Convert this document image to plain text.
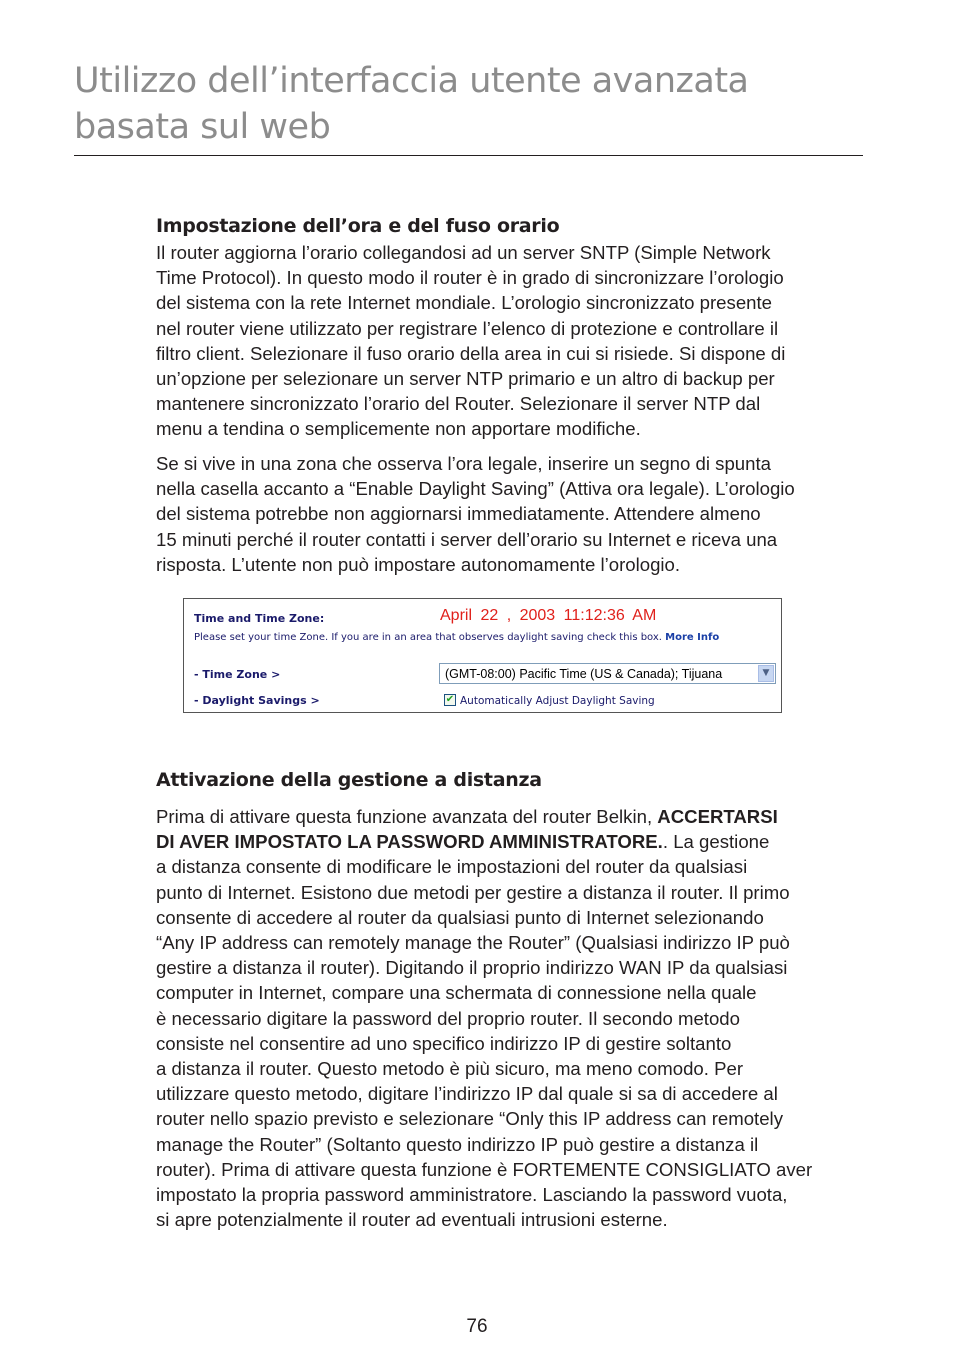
Utilizzo dell’interfaccia utente avanzata basata sul web
Impostazione dell’ora e del fuso orario

Il router aggiorna l’orario collegandosi ad un server SNTP (Simple Network
Time Protocol). In questo modo il router è in grado di sincronizzare l’orologio
del sistema con la rete Internet mondiale. L’orologio sincronizzato presente
nel router viene utilizzato per registrare l’elenco di protezione e controllare il
filtro client. Selezionare il fuso orario della area in cui si risiede. Si dispone di
un’opzione per selezionare un server NTP primario e un altro di backup per
mantenere sincronizzato l’orario del Router. Selezionare il server NTP dal
menu a tendina o semplicemente non apportare modifiche.

Se si vive in una zona che osserva l’ora legale, inserire un segno di spunta
nella casella accanto a “Enable Daylight Saving” (Attiva ora legale). L’orologio
del sistema potrebbe non aggiornarsi immediatamente. Attendere almeno
15 minuti perché il router contatti i server dell’orario su Internet e riceva una
risposta. L’utente non può impostare autonomamente l’orologio.

Time and Time Zone:	April 22 , 2003 11:12:36 AM
Please set your time Zone. If you are in an area that observes daylight saving check this box. More Info
- Time Zone >	(GMT-08:00) Pacific Time (US & Canada); Tijuana	▼
- Daylight Savings >	✔ Automatically Adjust Daylight Saving
Attivazione della gestione a distanza

Prima di attivare questa funzione avanzata del router Belkin, ACCERTARSI
DI AVER IMPOSTATO LA PASSWORD AMMINISTRATORE.. La gestione
a distanza consente di modificare le impostazioni del router da qualsiasi
punto di Internet. Esistono due metodi per gestire a distanza il router. Il primo
consente di accedere al router da qualsiasi punto di Internet selezionando
“Any IP address can remotely manage the Router” (Qualsiasi indirizzo IP può
gestire a distanza il router). Digitando il proprio indirizzo WAN IP da qualsiasi
computer in Internet, compare una schermata di connessione nella quale
è necessario digitare la password del proprio router. Il secondo metodo
consiste nel consentire ad uno specifico indirizzo IP di gestire soltanto
a distanza il router. Questo metodo è più sicuro, ma meno comodo. Per
utilizzare questo metodo, digitare l’indirizzo IP dal quale si sa di accedere al
router nello spazio previsto e selezionare “Only this IP address can remotely
manage the Router” (Soltanto questo indirizzo IP può gestire a distanza il
router). Prima di attivare questa funzione è FORTEMENTE CONSIGLIATO aver
impostato la propria password amministratore. Lasciando la password vuota,
si apre potenzialmente il router ad eventuali intrusioni esterne.

76
